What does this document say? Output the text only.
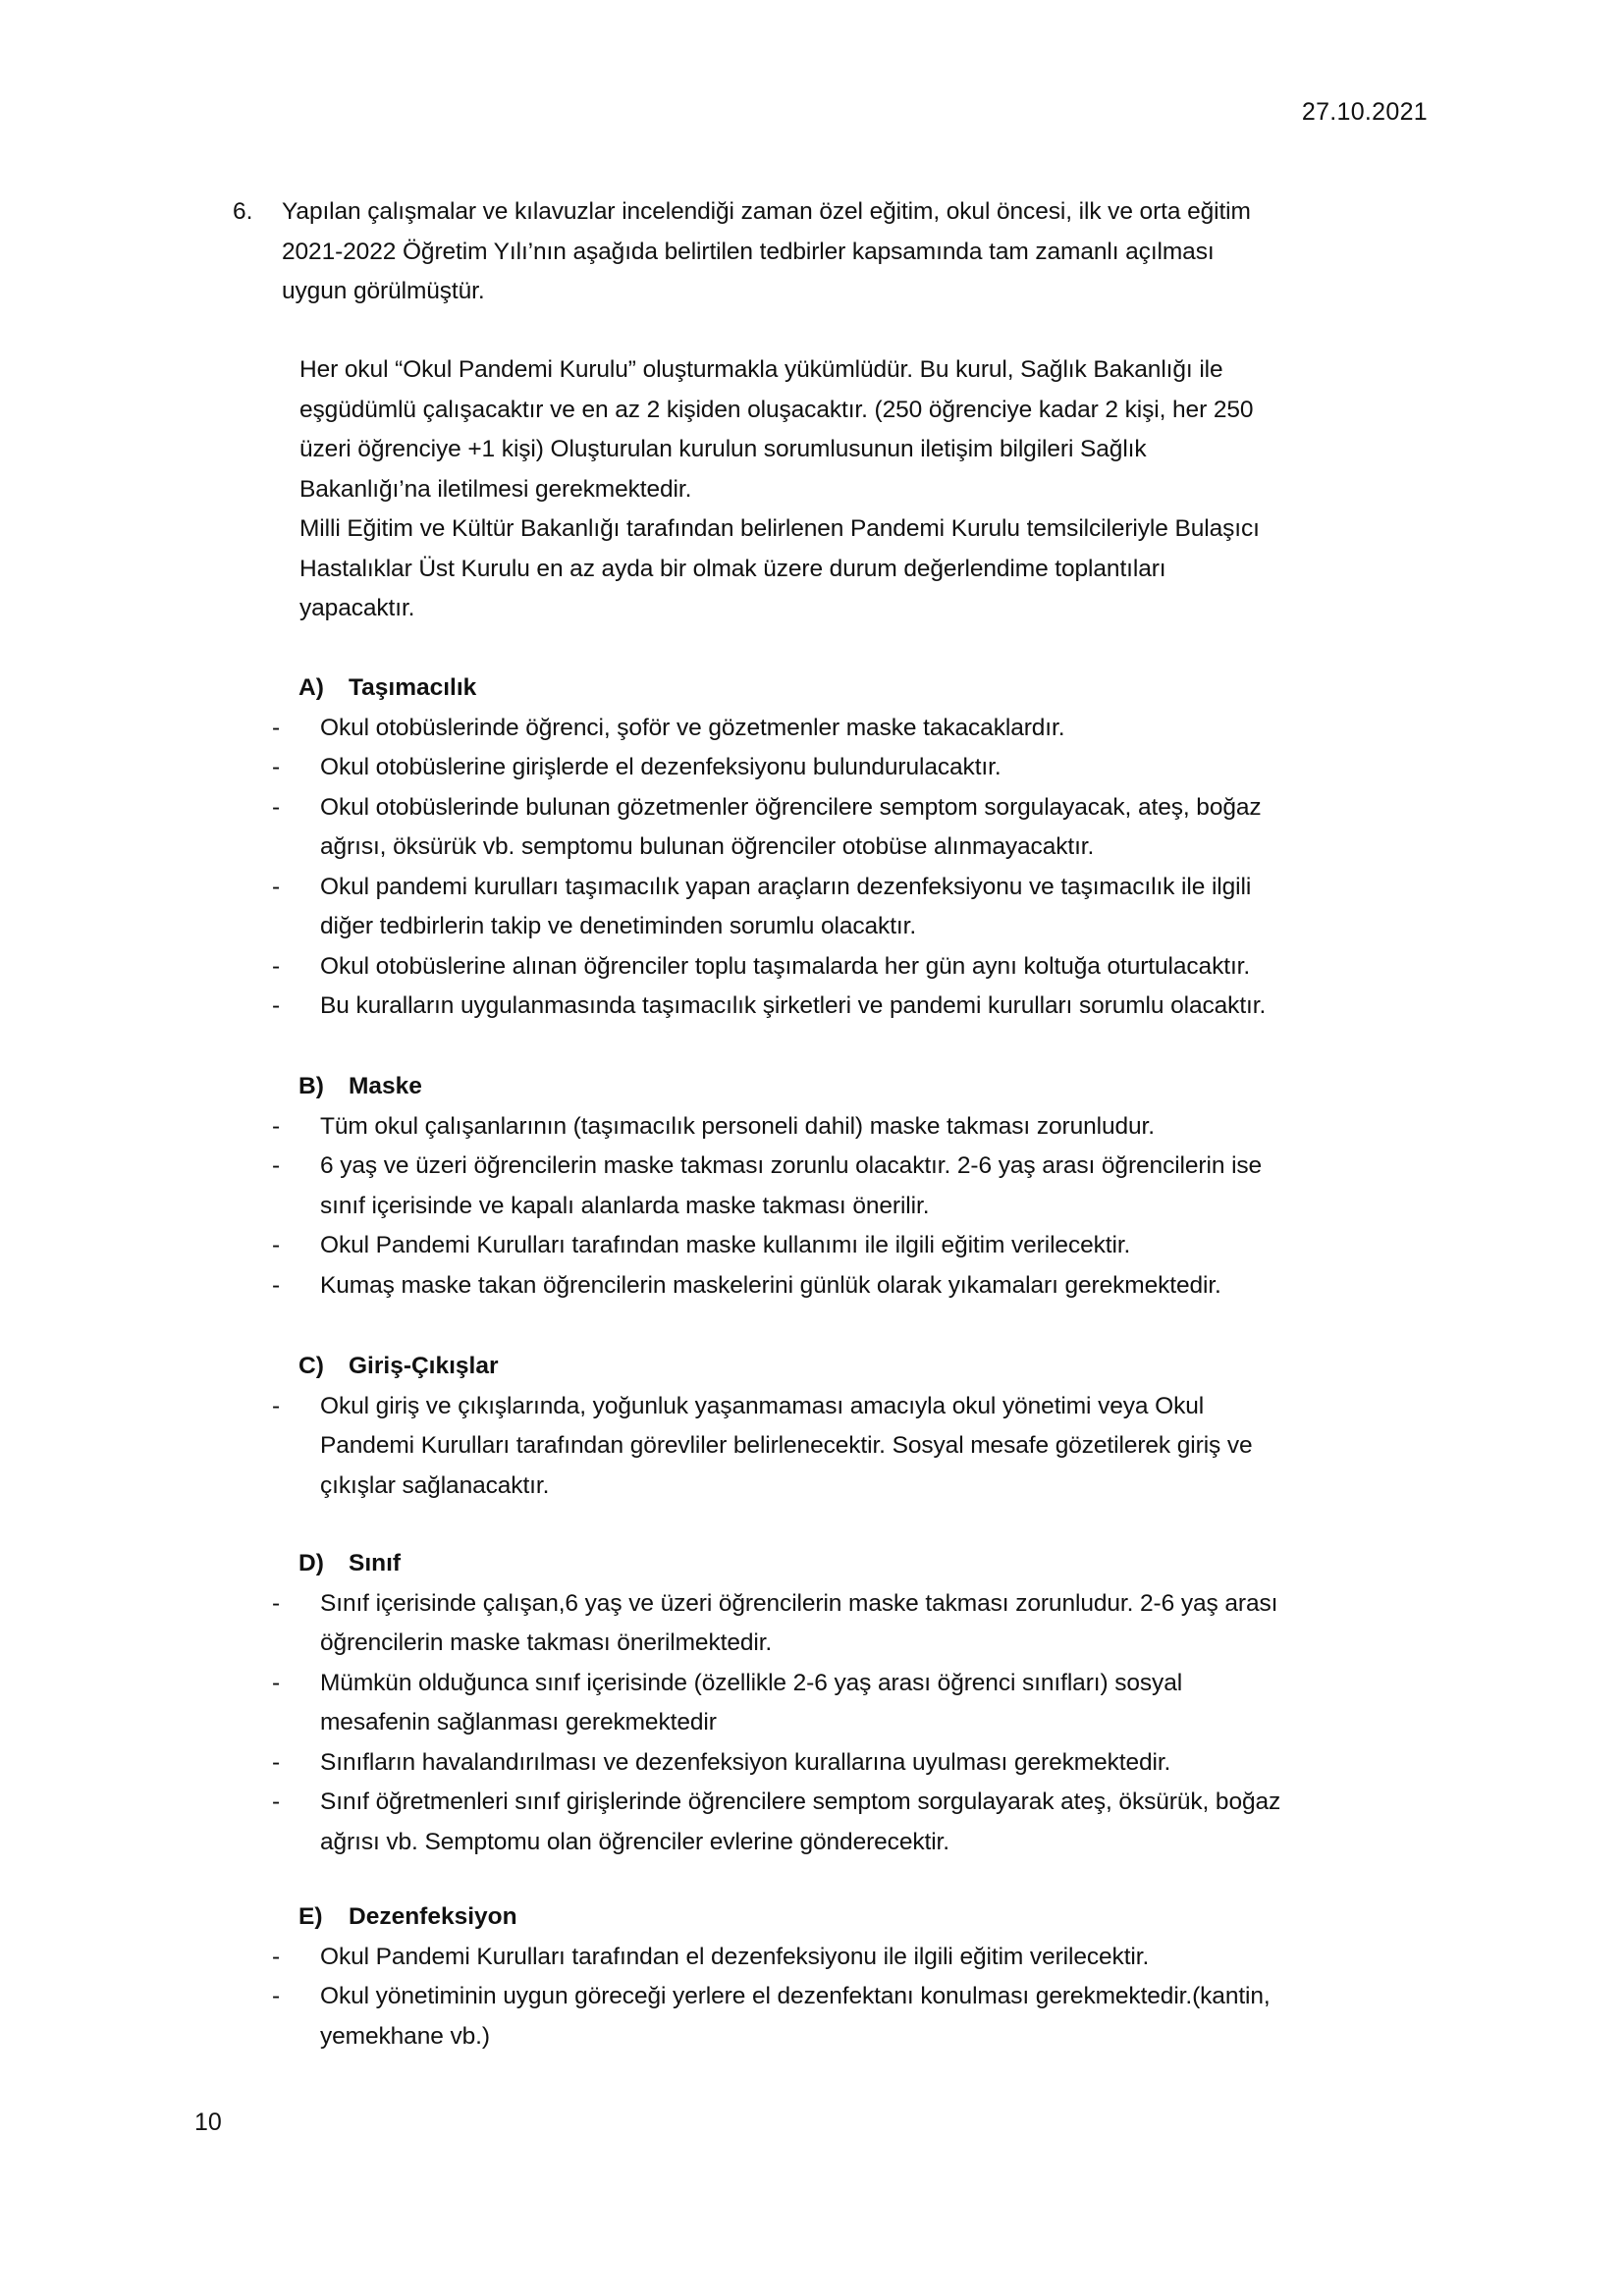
27.10.2021
6. Yapılan çalışmalar ve kılavuzlar incelendiği zaman özel eğitim, okul öncesi, ilk ve orta eğitim
2021-2022 Öğretim Yılı’nın aşağıda belirtilen tedbirler kapsamında tam zamanlı açılması
uygun görülmüştür.
Her okul “Okul Pandemi Kurulu” oluşturmakla yükümlüdür. Bu kurul, Sağlık Bakanlığı ile
eşgüdümlü çalışacaktır ve en az 2 kişiden oluşacaktır. (250 öğrenciye kadar 2 kişi, her 250
üzeri öğrenciye +1 kişi) Oluşturulan kurulun sorumlusunun iletişim bilgileri Sağlık
Bakanlığı’na iletilmesi gerekmektedir.
Milli Eğitim ve Kültür Bakanlığı tarafından belirlenen Pandemi Kurulu temsilcileriyle Bulaşıcı
Hastalıklar Üst Kurulu en az ayda bir olmak üzere durum değerlendime toplantıları
yapacaktır.
A) Taşımacılık
- Okul otobüslerinde öğrenci, şoför ve gözetmenler maske takacaklardır.
- Okul otobüslerine girişlerde el dezenfeksiyonu bulundurulacaktır.
- Okul otobüslerinde bulunan gözetmenler öğrencilere semptom sorgulayacak, ateş, boğaz
ağrısı, öksürük vb. semptomu bulunan öğrenciler otobüse alınmayacaktır.
- Okul pandemi kurulları taşımacılık yapan araçların dezenfeksiyonu ve taşımacılık ile ilgili
diğer tedbirlerin takip ve denetiminden sorumlu olacaktır.
- Okul otobüslerine alınan öğrenciler toplu taşımalarda her gün aynı koltuğa oturtulacaktır.
- Bu kuralların uygulanmasında taşımacılık şirketleri ve pandemi kurulları sorumlu olacaktır.
B) Maske
- Tüm okul çalışanlarının (taşımacılık personeli dahil) maske takması zorunludur.
- 6 yaş ve üzeri öğrencilerin maske takması zorunlu olacaktır. 2-6 yaş arası öğrencilerin ise
sınıf içerisinde ve kapalı alanlarda maske takması önerilir.
- Okul Pandemi Kurulları tarafından maske kullanımı ile ilgili eğitim verilecektir.
- Kumaş maske takan öğrencilerin maskelerini günlük olarak yıkamaları gerekmektedir.
C) Giriş-Çıkışlar
- Okul giriş ve çıkışlarında, yoğunluk yaşanmaması amacıyla okul yönetimi veya Okul
Pandemi Kurulları tarafından görevliler belirlenecektir. Sosyal mesafe gözetilerek giriş ve
çıkışlar sağlanacaktır.
D) Sınıf
- Sınıf içerisinde çalışan,6 yaş ve üzeri öğrencilerin maske takması zorunludur. 2-6 yaş arası
öğrencilerin maske takması önerilmektedir.
- Mümkün olduğunca sınıf içerisinde (özellikle 2-6 yaş arası öğrenci sınıfları) sosyal
mesafenin sağlanması gerekmektedir
- Sınıfların havalandırılması ve dezenfeksiyon kurallarına uyulması gerekmektedir.
- Sınıf öğretmenleri sınıf girişlerinde öğrencilere semptom sorgulayarak ateş, öksürük, boğaz
ağrısı vb. Semptomu olan öğrenciler evlerine gönderecektir.
E) Dezenfeksiyon
- Okul Pandemi Kurulları tarafından el dezenfeksiyonu ile ilgili eğitim verilecektir.
- Okul yönetiminin uygun göreceği yerlere el dezenfektanı konulması gerekmektedir.(kantin,
yemekhane vb.)
10
